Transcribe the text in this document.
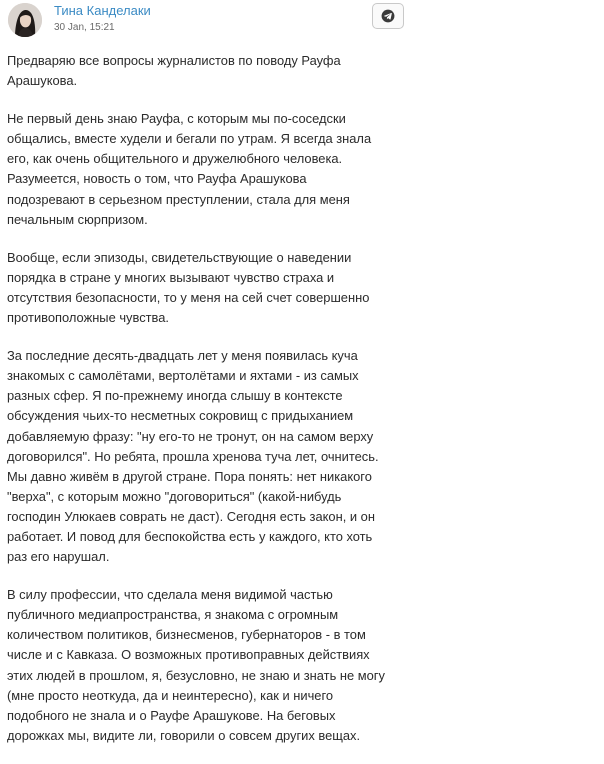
Тина Канделаки
30 Jan, 15:21

Предваряю все вопросы журналистов по поводу Рауфа
Арашукова.

Не первый день знаю Рауфа, с которым мы по-соседски
общались, вместе худели и бегали по утрам. Я всегда знала
его, как очень общительного и дружелюбного человека.
Разумеется, новость о том, что Рауфа Арашукова
подозревают в серьезном преступлении, стала для меня
печальным сюрпризом.

Вообще, если эпизоды, свидетельствующие о наведении
порядка в стране у многих вызывают чувство страха и
отсутствия безопасности, то у меня на сей счет совершенно
противоположные чувства.

За последние десять-двадцать лет у меня появилась куча
знакомых с самолётами, вертолётами и яхтами - из самых
разных сфер. Я по-прежнему иногда слышу в контексте
обсуждения чьих-то несметных сокровищ с придыханием
добавляемую фразу: "ну его-то не тронут, он на самом верху
договорился". Но ребята, прошла хренова туча лет, очнитесь.
Мы давно живём в другой стране. Пора понять: нет никакого
"верха", с которым можно "договориться" (какой-нибудь
господин Улюкаев соврать не даст). Сегодня есть закон, и он
работает. И повод для беспокойства есть у каждого, кто хоть
раз его нарушал.

В силу профессии, что сделала меня видимой частью
публичного медиапространства, я знакома с огромным
количеством политиков, бизнесменов, губернаторов - в том
числе и с Кавказа. О возможных противоправных действиях
этих людей в прошлом, я, безусловно, не знаю и знать не могу
(мне просто неоткуда, да и неинтересно), как и ничего
подобного не знала и о Рауфе Арашукове. На беговых
дорожках мы, видите ли, говорили о совсем других вещах.
